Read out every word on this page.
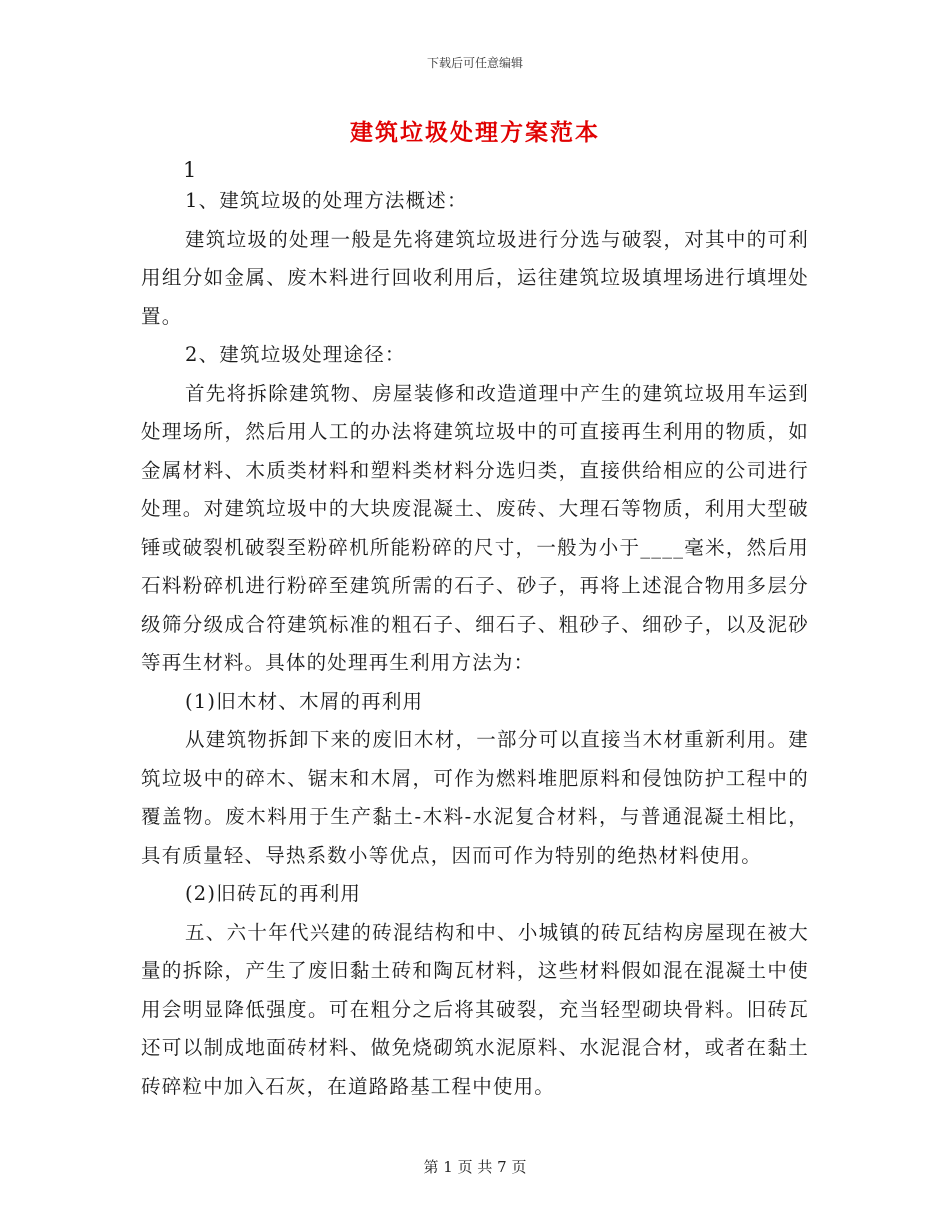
下载后可任意编辑
建筑垃圾处理方案范本
1

1、建筑垃圾的处理方法概述：

建筑垃圾的处理一般是先将建筑垃圾进行分选与破裂，对其中的可利用组分如金属、废木料进行回收利用后，运往建筑垃圾填埋场进行填埋处置。

2、建筑垃圾处理途径：

首先将拆除建筑物、房屋装修和改造道理中产生的建筑垃圾用车运到处理场所，然后用人工的办法将建筑垃圾中的可直接再生利用的物质，如金属材料、木质类材料和塑料类材料分选归类，直接供给相应的公司进行处理。对建筑垃圾中的大块废混凝土、废砖、大理石等物质，利用大型破锤或破裂机破裂至粉碎机所能粉碎的尺寸，一般为小于____毫米，然后用石料粉碎机进行粉碎至建筑所需的石子、砂子，再将上述混合物用多层分级筛分级成合符建筑标准的粗石子、细石子、粗砂子、细砂子，以及泥砂等再生材料。具体的处理再生利用方法为：

(1)旧木材、木屑的再利用

从建筑物拆卸下来的废旧木材，一部分可以直接当木材重新利用。建筑垃圾中的碎木、锯末和木屑，可作为燃料堆肥原料和侵蚀防护工程中的覆盖物。废木料用于生产黏土-木料-水泥复合材料，与普通混凝土相比，具有质量轻、导热系数小等优点，因而可作为特别的绝热材料使用。

(2)旧砖瓦的再利用

五、六十年代兴建的砖混结构和中、小城镇的砖瓦结构房屋现在被大量的拆除，产生了废旧黏土砖和陶瓦材料，这些材料假如混在混凝土中使用会明显降低强度。可在粗分之后将其破裂，充当轻型砌块骨料。旧砖瓦还可以制成地面砖材料、做免烧砌筑水泥原料、水泥混合材，或者在黏土砖碎粒中加入石灰，在道路路基工程中使用。

第 1 页 共 7 页
